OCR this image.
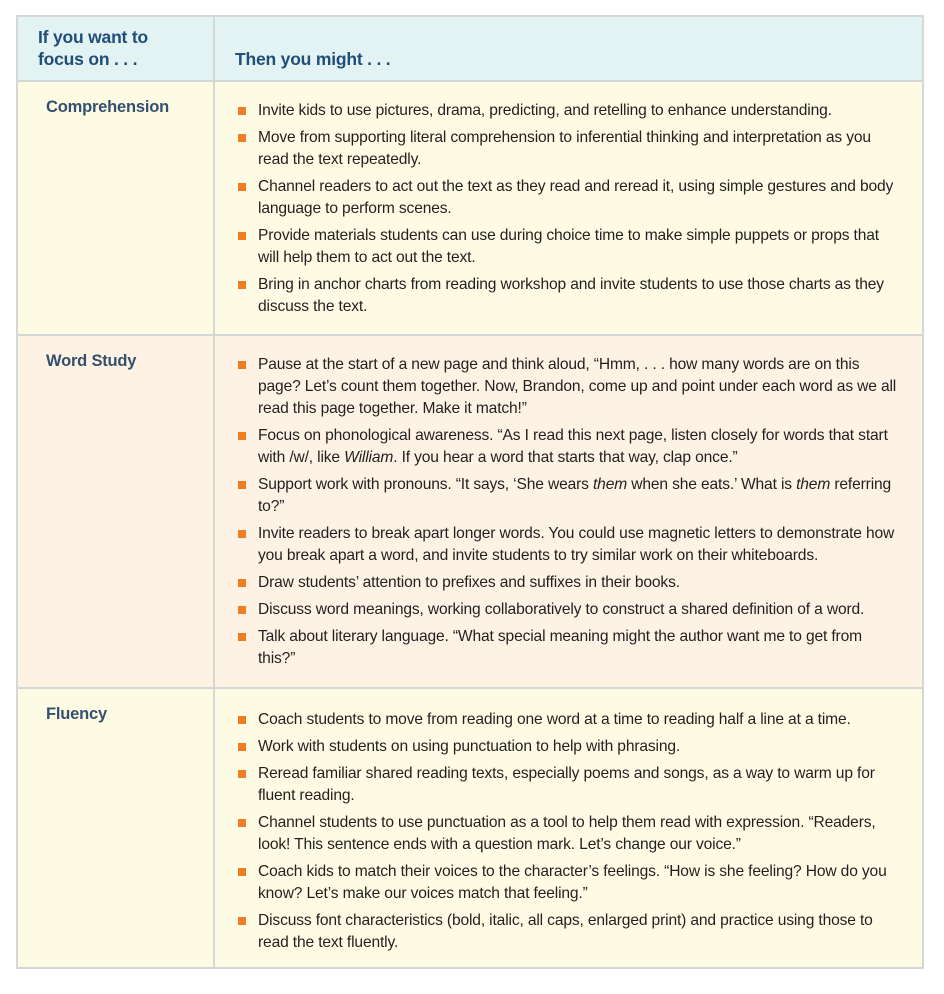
If you want to focus on . . .	Then you might . . .
Comprehension	Invite kids to use pictures, drama, predicting, and retelling to enhance understanding.
Move from supporting literal comprehension to inferential thinking and interpretation as you read the text repeatedly.
Channel readers to act out the text as they read and reread it, using simple gestures and body language to perform scenes.
Provide materials students can use during choice time to make simple puppets or props that will help them to act out the text.
Bring in anchor charts from reading workshop and invite students to use those charts as they discuss the text.
Word Study	Pause at the start of a new page and think aloud, “Hmm, . . . how many words are on this page? Let’s count them together. Now, Brandon, come up and point under each word as we all read this page together. Make it match!”
Focus on phonological awareness. “As I read this next page, listen closely for words that start with /w/, like William. If you hear a word that starts that way, clap once.”
Support work with pronouns. “It says, ‘She wears them when she eats.’ What is them referring to?”
Invite readers to break apart longer words. You could use magnetic letters to demonstrate how you break apart a word, and invite students to try similar work on their whiteboards.
Draw students’ attention to prefixes and suffixes in their books.
Discuss word meanings, working collaboratively to construct a shared definition of a word.
Talk about literary language. “What special meaning might the author want me to get from this?”
Fluency	Coach students to move from reading one word at a time to reading half a line at a time.
Work with students on using punctuation to help with phrasing.
Reread familiar shared reading texts, especially poems and songs, as a way to warm up for fluent reading.
Channel students to use punctuation as a tool to help them read with expression. “Readers, look! This sentence ends with a question mark. Let’s change our voice.”
Coach kids to match their voices to the character’s feelings. “How is she feeling? How do you know? Let’s make our voices match that feeling.”
Discuss font characteristics (bold, italic, all caps, enlarged print) and practice using those to read the text fluently.
